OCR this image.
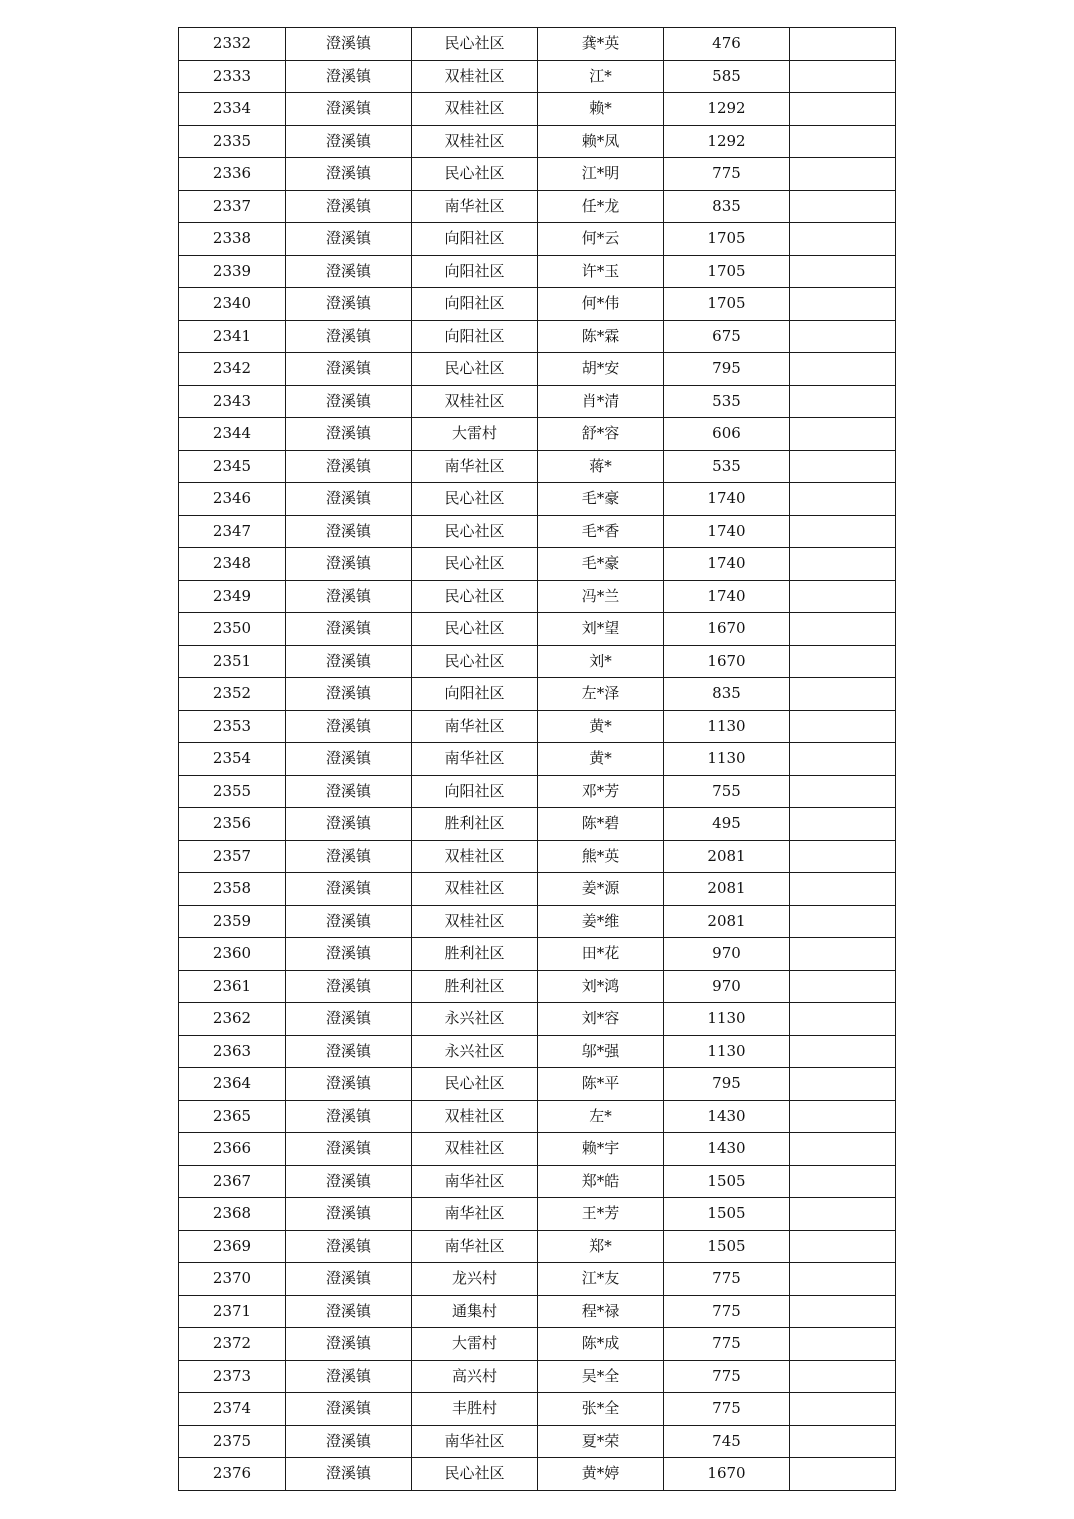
2332	澄溪镇	民心社区	龚*英	476	
2333	澄溪镇	双桂社区	江*	585	
2334	澄溪镇	双桂社区	赖*	1292	
2335	澄溪镇	双桂社区	赖*凤	1292	
2336	澄溪镇	民心社区	江*明	775	
2337	澄溪镇	南华社区	任*龙	835	
2338	澄溪镇	向阳社区	何*云	1705	
2339	澄溪镇	向阳社区	许*玉	1705	
2340	澄溪镇	向阳社区	何*伟	1705	
2341	澄溪镇	向阳社区	陈*霖	675	
2342	澄溪镇	民心社区	胡*安	795	
2343	澄溪镇	双桂社区	肖*清	535	
2344	澄溪镇	大雷村	舒*容	606	
2345	澄溪镇	南华社区	蒋*	535	
2346	澄溪镇	民心社区	毛*豪	1740	
2347	澄溪镇	民心社区	毛*香	1740	
2348	澄溪镇	民心社区	毛*豪	1740	
2349	澄溪镇	民心社区	冯*兰	1740	
2350	澄溪镇	民心社区	刘*望	1670	
2351	澄溪镇	民心社区	刘*	1670	
2352	澄溪镇	向阳社区	左*泽	835	
2353	澄溪镇	南华社区	黄*	1130	
2354	澄溪镇	南华社区	黄*	1130	
2355	澄溪镇	向阳社区	邓*芳	755	
2356	澄溪镇	胜利社区	陈*碧	495	
2357	澄溪镇	双桂社区	熊*英	2081	
2358	澄溪镇	双桂社区	姜*源	2081	
2359	澄溪镇	双桂社区	姜*维	2081	
2360	澄溪镇	胜利社区	田*花	970	
2361	澄溪镇	胜利社区	刘*鸿	970	
2362	澄溪镇	永兴社区	刘*容	1130	
2363	澄溪镇	永兴社区	邬*强	1130	
2364	澄溪镇	民心社区	陈*平	795	
2365	澄溪镇	双桂社区	左*	1430	
2366	澄溪镇	双桂社区	赖*宇	1430	
2367	澄溪镇	南华社区	郑*皓	1505	
2368	澄溪镇	南华社区	王*芳	1505	
2369	澄溪镇	南华社区	郑*	1505	
2370	澄溪镇	龙兴村	江*友	775	
2371	澄溪镇	通集村	程*禄	775	
2372	澄溪镇	大雷村	陈*成	775	
2373	澄溪镇	高兴村	吴*全	775	
2374	澄溪镇	丰胜村	张*全	775	
2375	澄溪镇	南华社区	夏*荣	745	
2376	澄溪镇	民心社区	黄*婷	1670	
